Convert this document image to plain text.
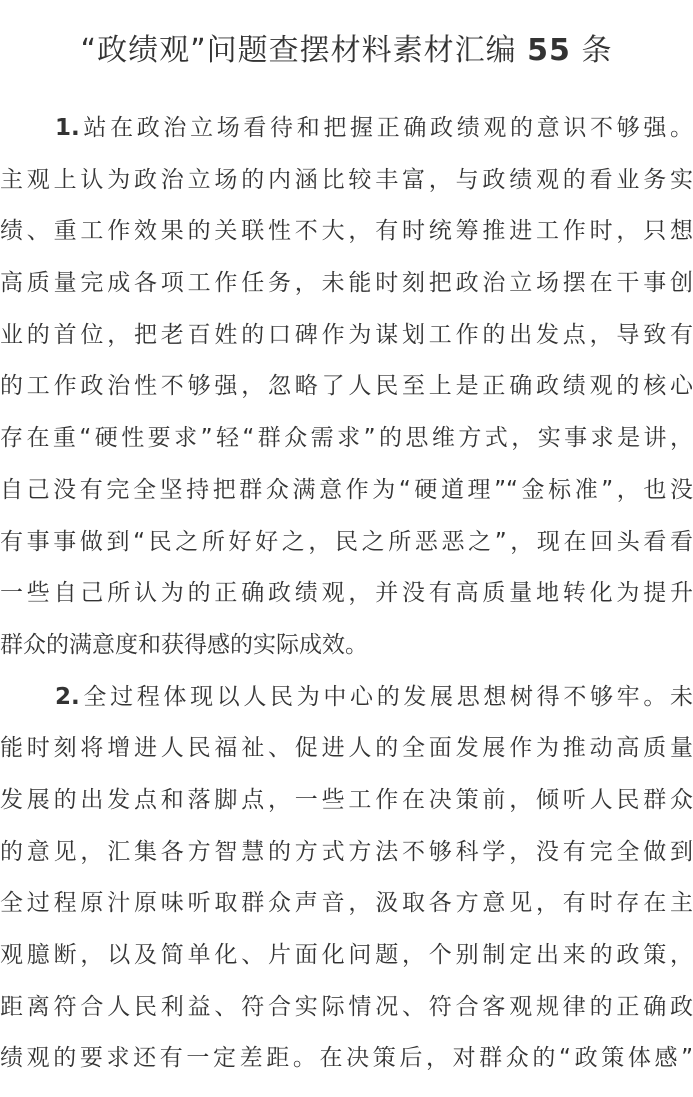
“政绩观”问题查摆材料素材汇编 55 条
1.站在政治立场看待和把握正确政绩观的意识不够强。
主观上认为政治立场的内涵比较丰富，与政绩观的看业务实
绩、重工作效果的关联性不大，有时统筹推进工作时，只想
高质量完成各项工作任务，未能时刻把政治立场摆在干事创
业的首位，把老百姓的口碑作为谋划工作的出发点，导致有
的工作政治性不够强，忽略了人民至上是正确政绩观的核心
存在重“硬性要求”轻“群众需求”的思维方式，实事求是讲，
自己没有完全坚持把群众满意作为“硬道理”“金标准”，也没
有事事做到“民之所好好之，民之所恶恶之”，现在回头看看
一些自己所认为的正确政绩观，并没有高质量地转化为提升
群众的满意度和获得感的实际成效。
2.全过程体现以人民为中心的发展思想树得不够牢。未
能时刻将增进人民福祉、促进人的全面发展作为推动高质量
发展的出发点和落脚点，一些工作在决策前，倾听人民群众
的意见，汇集各方智慧的方式方法不够科学，没有完全做到
全过程原汁原味听取群众声音，汲取各方意见，有时存在主
观臆断，以及简单化、片面化问题，个别制定出来的政策，
距离符合人民利益、符合实际情况、符合客观规律的正确政
绩观的要求还有一定差距。在决策后，对群众的“政策体感”
